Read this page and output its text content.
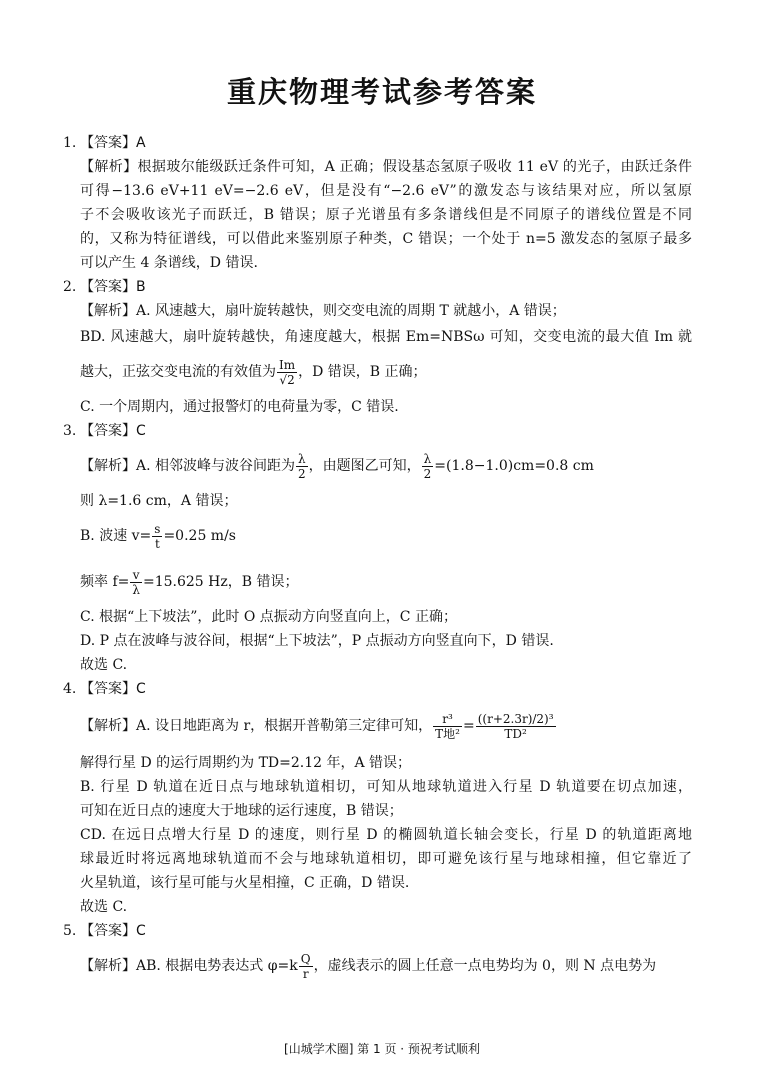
重庆物理考试参考答案
1. 【答案】A
【解析】根据玻尔能级跃迁条件可知，A 正确；假设基态氢原子吸收 11 eV 的光子，由跃迁条件
可得−13.6 eV+11 eV=−2.6 eV，但是没有“−2.6 eV”的激发态与该结果对应，所以氢原
子不会吸收该光子而跃迁，B 错误；原子光谱虽有多条谱线但是不同原子的谱线位置是不同
的，又称为特征谱线，可以借此来鉴别原子种类，C 错误；一个处于 n=5 激发态的氢原子最多
可以产生 4 条谱线，D 错误.
2. 【答案】B
【解析】A. 风速越大，扇叶旋转越快，则交变电流的周期 T 就越小，A 错误；
BD. 风速越大，扇叶旋转越快，角速度越大，根据 Em=NBSω 可知，交变电流的最大值 Im 就
越大，正弦交变电流的有效值为 $\frac{Im}{√2}$ ，D 错误，B 正确；
C. 一个周期内，通过报警灯的电荷量为零，C 错误.
3. 【答案】C
【解析】A. 相邻波峰与波谷间距为 $\frac{\lambda}{2}$ ，由题图乙可知， $\frac{\lambda}{2} =(1.8-1.0)cm=0.8$ cm
则 λ=1.6 cm，A 错误；
B. 波速 $v= \frac{s}{t} =0.25$ m/s
频率 $f= \frac{v}{\lambda} =15.625$ Hz，B 错误；
C. 根据“上下坡法”，此时 O 点振动方向竖直向上，C 正确；
D. P 点在波峰与波谷间，根据“上下坡法”，P 点振动方向竖直向下，D 错误.
故选 C.
4. 【答案】C
【解析】A. 设日地距离为 r，根据开普勒第三定律可知， $\frac{\text{r³}}{\text{T地²}} = \frac{\text{((r+2.3r)/2)³}}{\text{TD²}}$
解得行星 D 的运行周期约为 TD=2.12 年，A 错误；
B. 行星 D 轨道在近日点与地球轨道相切，可知从地球轨道进入行星 D 轨道要在切点加速，
可知在近日点的速度大于地球的运行速度，B 错误；
CD. 在远日点增大行星 D 的速度，则行星 D 的椭圆轨道长轴会变长，行星 D 的轨道距离地
球最近时将远离地球轨道而不会与地球轨道相切，即可避免该行星与地球相撞，但它靠近了
火星轨道，该行星可能与火星相撞，C 正确，D 错误.
故选 C.
5. 【答案】C
【解析】AB. 根据电势表达式 $\varphi=k \frac{Q}{r}$ ，虚线表示的圆上任意一点电势均为 0，则 N 点电势为
[山城学术圈] 第 1 页 · 预祝考试顺利
